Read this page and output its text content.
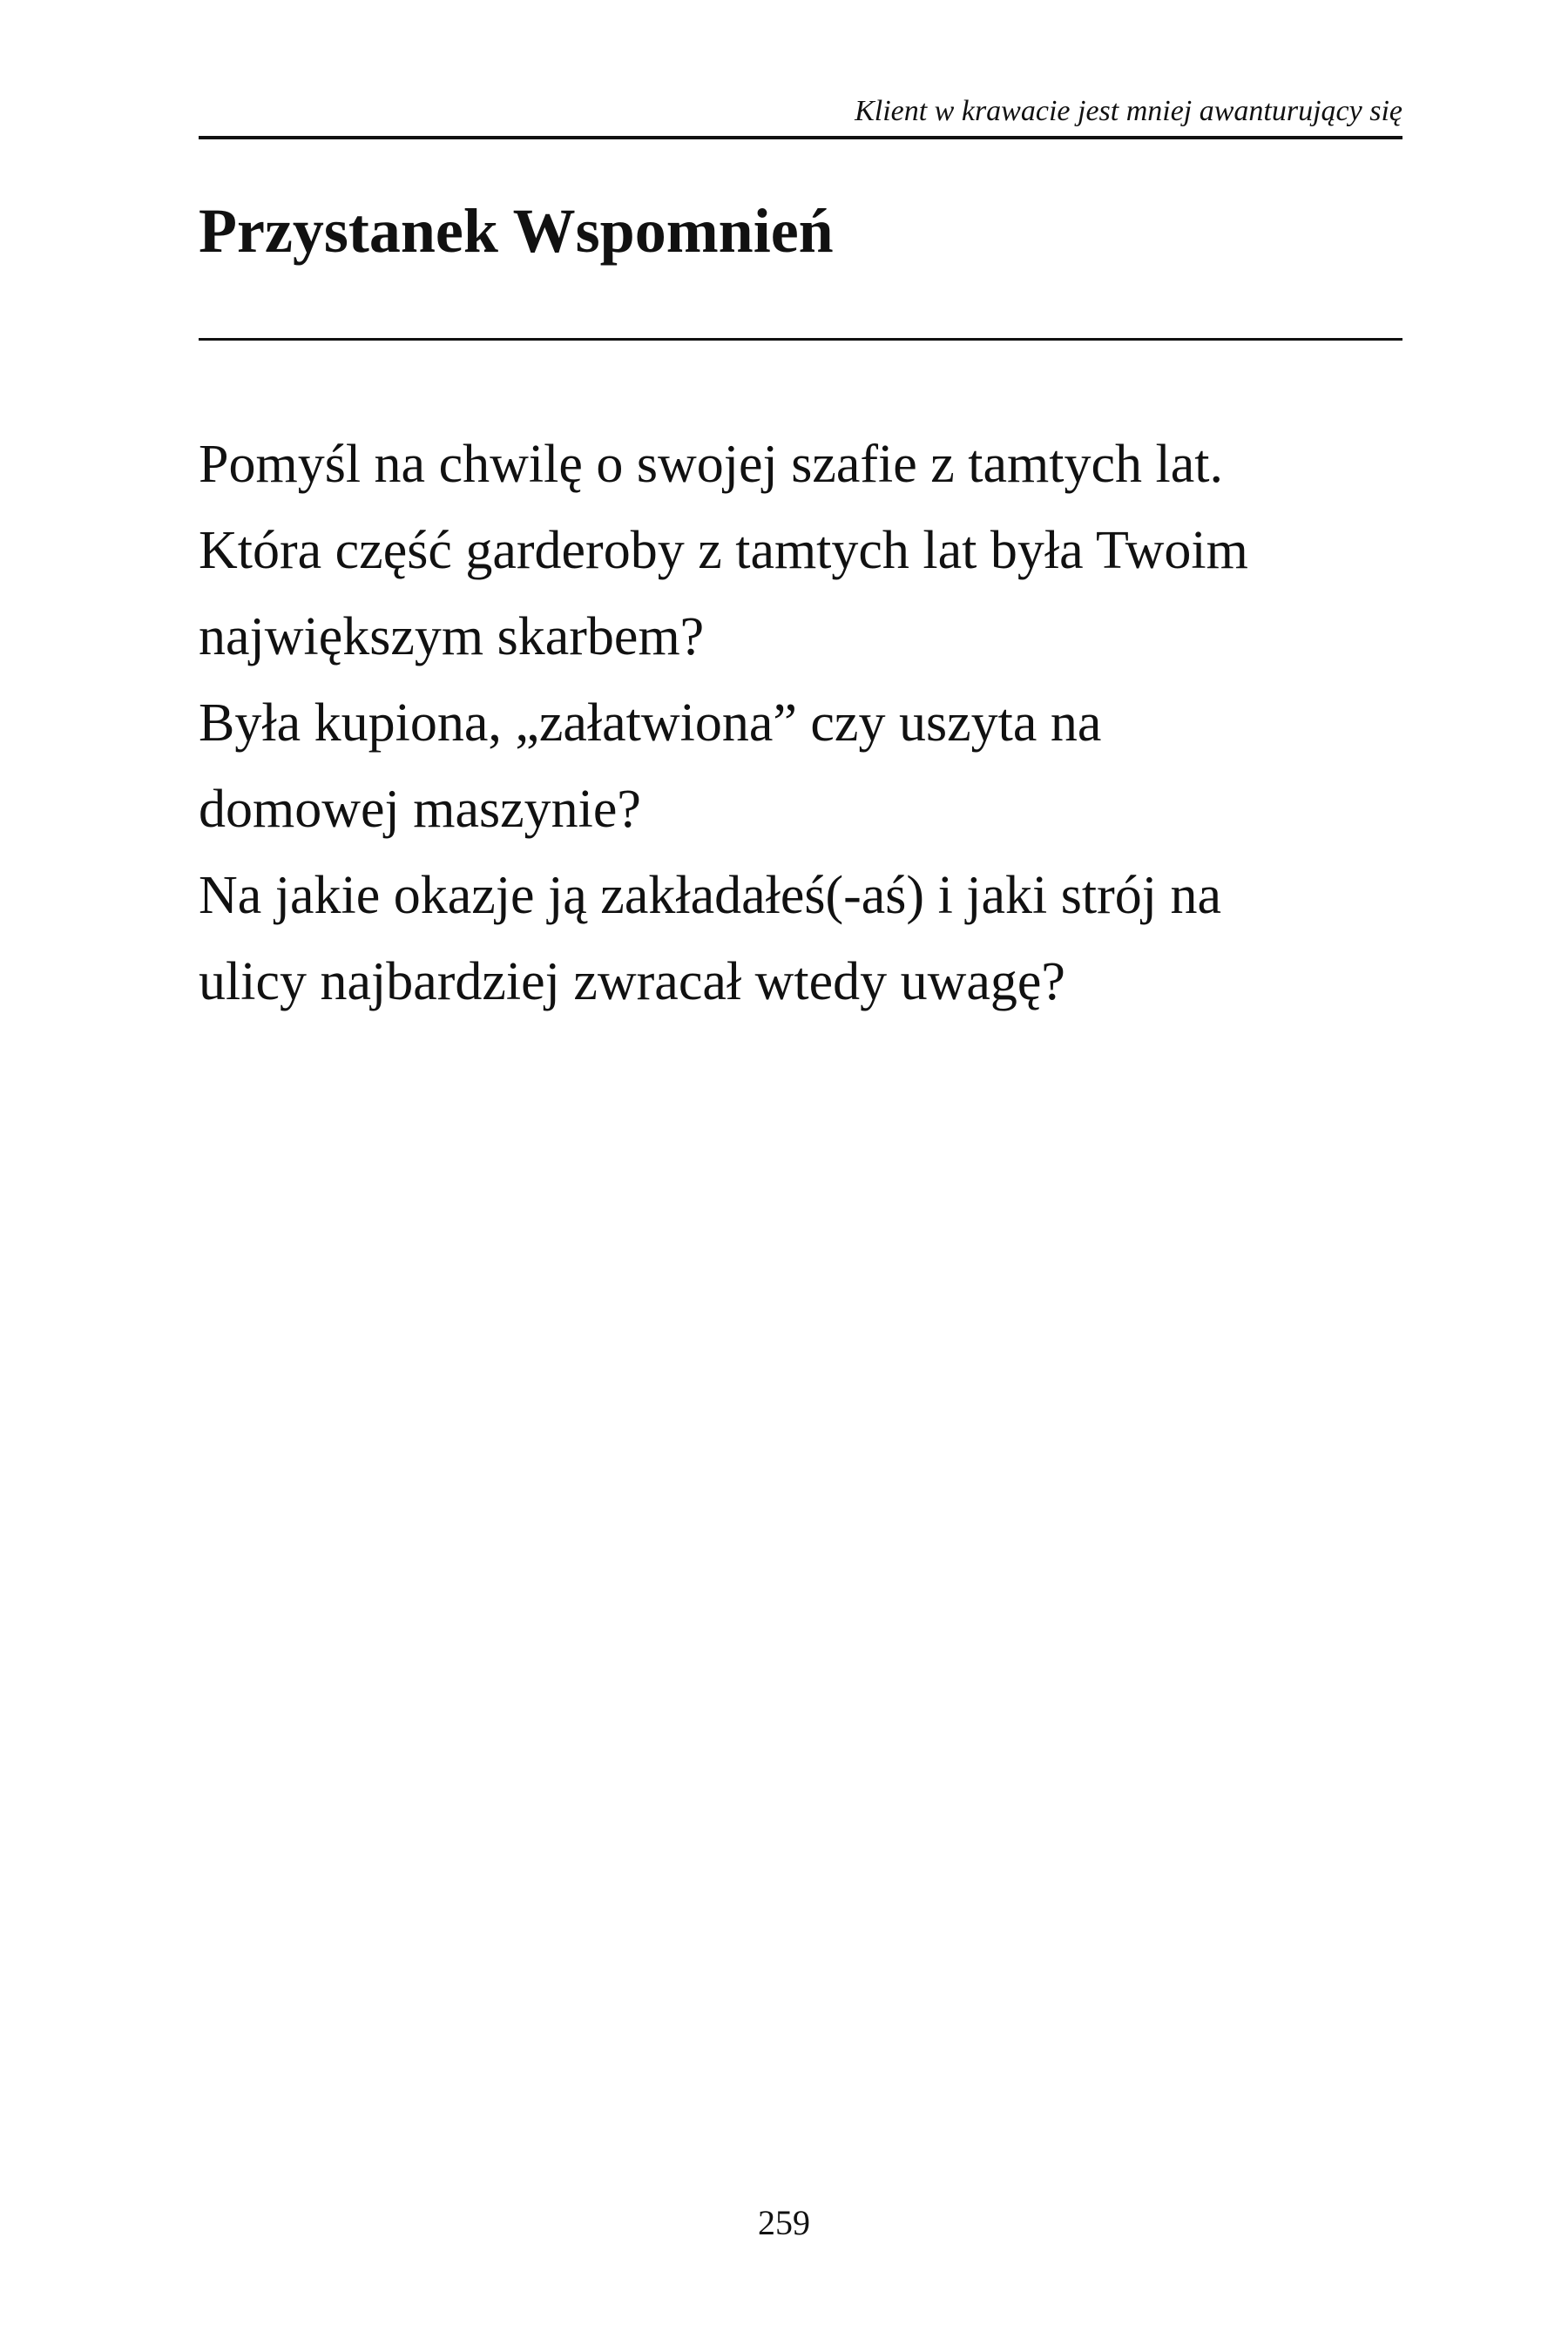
Klient w krawacie jest mniej awanturujący się
Przystanek Wspomnień
Pomyśl na chwilę o swojej szafie z tamtych lat.
Która część garderoby z tamtych lat była Twoim
największym skarbem?
Była kupiona, „załatwiona” czy uszyta na
domowej maszynie?
Na jakie okazje ją zakładałeś(-aś) i jaki strój na
ulicy najbardziej zwracał wtedy uwagę?
259
